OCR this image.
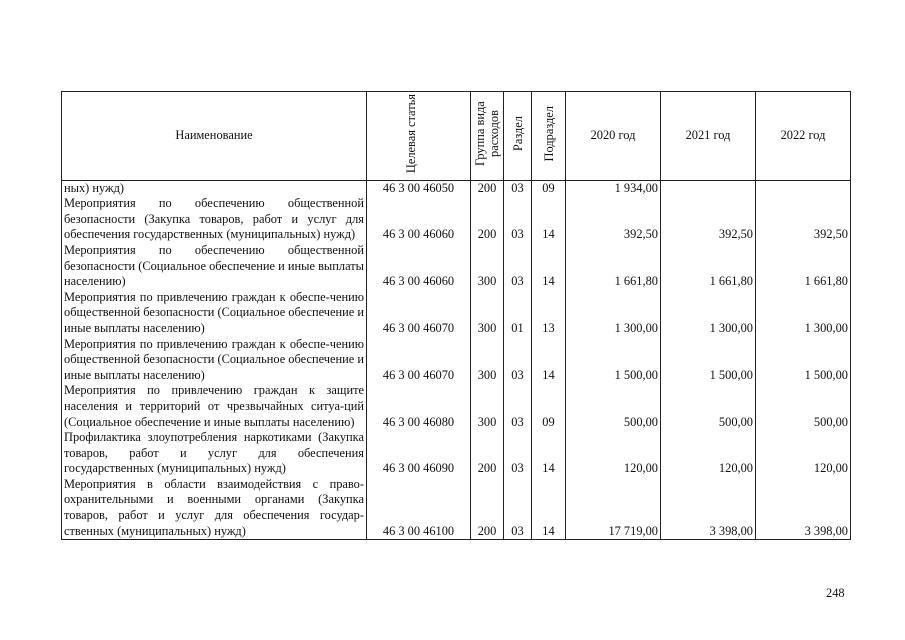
Наименование	Целевая статья	Группа вида расходов	Раздел	Подраздел	2020 год	2021 год	2022 год
ных) нужд)	46 3 00 46050	200	03	09	1 934,00		
Мероприятия по обеспечению общественной безопасности (Закупка товаров, работ и услуг для обеспечения государственных (муниципальных) нужд)	46 3 00 46060	200	03	14	392,50	392,50	392,50
Мероприятия по обеспечению общественной безопасности (Социальное обеспечение и иные выплаты населению)	46 3 00 46060	300	03	14	1 661,80	1 661,80	1 661,80
Мероприятия по привлечению граждан к обеспе-чению общественной безопасности (Социальное обеспечение и иные выплаты населению)	46 3 00 46070	300	01	13	1 300,00	1 300,00	1 300,00
Мероприятия по привлечению граждан к обеспе-чению общественной безопасности (Социальное обеспечение и иные выплаты населению)	46 3 00 46070	300	03	14	1 500,00	1 500,00	1 500,00
Мероприятия по привлечению граждан к защите населения и территорий от чрезвычайных ситуа-ций (Социальное обеспечение и иные выплаты населению)	46 3 00 46080	300	03	09	500,00	500,00	500,00
Профилактика злоупотребления наркотиками (Закупка товаров, работ и услуг для обеспечения государственных (муниципальных) нужд)	46 3 00 46090	200	03	14	120,00	120,00	120,00
Мероприятия в области взаимодействия с право-охранительными и военными органами (Закупка товаров, работ и услуг для обеспечения государ-ственных (муниципальных) нужд)	46 3 00 46100	200	03	14	17 719,00	3 398,00	3 398,00
248
